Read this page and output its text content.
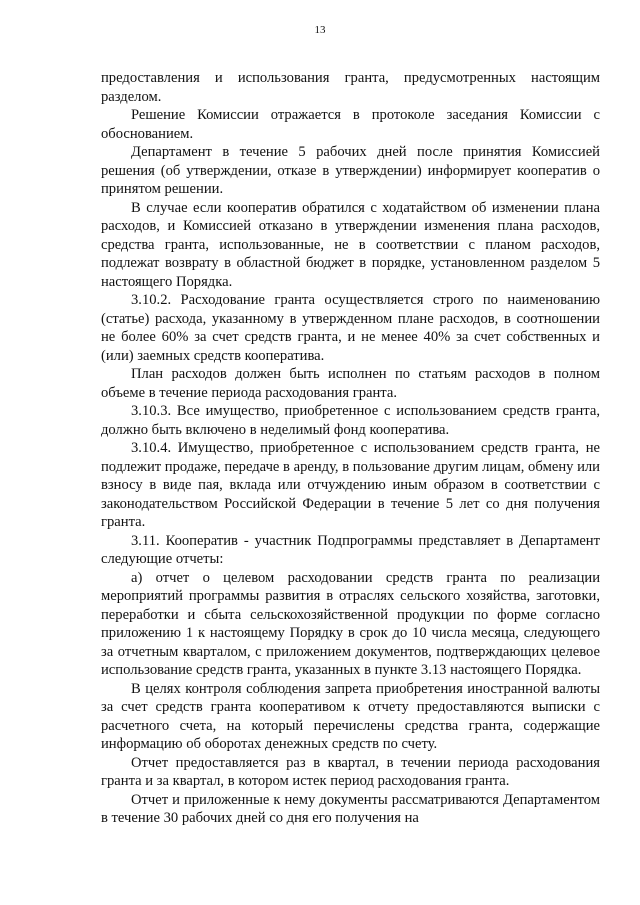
13

предоставления и использования гранта, предусмотренных настоящим разделом.

Решение Комиссии отражается в протоколе заседания Комиссии с обоснованием.

Департамент в течение 5 рабочих дней после принятия Комиссией решения (об утверждении, отказе в утверждении) информирует кооператив о принятом решении.

В случае если кооператив обратился с ходатайством об изменении плана расходов, и Комиссией отказано в утверждении изменения плана расходов, средства гранта, использованные, не в соответствии с планом расходов, подлежат возврату в областной бюджет в порядке, установленном разделом 5 настоящего Порядка.

3.10.2. Расходование гранта осуществляется строго по наименованию (статье) расхода, указанному в утвержденном плане расходов, в соотношении не более 60% за счет средств гранта, и не менее 40% за счет собственных и (или) заемных средств кооператива.

План расходов должен быть исполнен по статьям расходов в полном объеме в течение периода расходования гранта.

3.10.3. Все имущество, приобретенное с использованием средств гранта, должно быть включено в неделимый фонд кооператива.

3.10.4. Имущество, приобретенное с использованием средств гранта, не подлежит продаже, передаче в аренду, в пользование другим лицам, обмену или взносу в виде пая, вклада или отчуждению иным образом в соответствии с законодательством Российской Федерации в течение 5 лет со дня получения гранта.

3.11. Кооператив - участник Подпрограммы представляет в Департамент следующие отчеты:

а) отчет о целевом расходовании средств гранта по реализации мероприятий программы развития в отраслях сельского хозяйства, заготовки, переработки и сбыта сельскохозяйственной продукции по форме согласно приложению 1 к настоящему Порядку в срок до 10 числа месяца, следующего за отчетным кварталом, с приложением документов, подтверждающих целевое использование средств гранта, указанных в пункте 3.13 настоящего Порядка.

В целях контроля соблюдения запрета приобретения иностранной валюты за счет средств гранта кооперативом к отчету предоставляются выписки с расчетного счета, на который перечислены средства гранта, содержащие информацию об оборотах денежных средств по счету.

Отчет предоставляется раз в квартал, в течении периода расходования гранта и за квартал, в котором истек период расходования гранта.

Отчет и приложенные к нему документы рассматриваются Департаментом в течение 30 рабочих дней со дня его получения на
